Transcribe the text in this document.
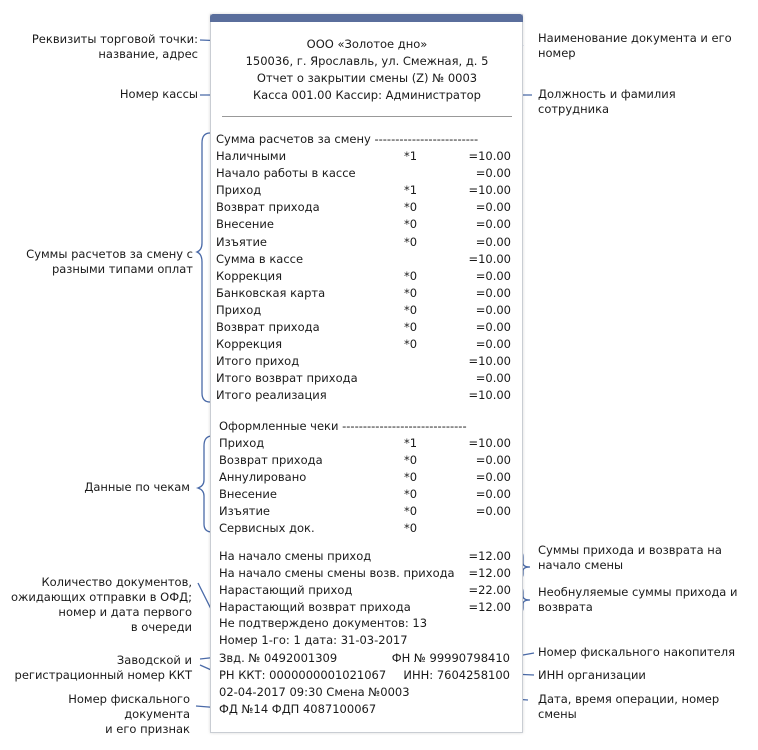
ООО «Золотое дно»
150036, г. Ярославль, ул. Смежная, д. 5
Отчет о закрытии смены (Z) № 0003
Касса 001.00 Кассир: Администратор
Сумма расчетов за смену -------------------------
Наличными	*1	=10.00
Начало работы в кассе	=0.00
Приход	*1	=10.00
Возврат прихода	*0	=0.00
Внесение	*0	=0.00
Изъятие	*0	=0.00
Сумма в кассе	=10.00
Коррекция	*0	=0.00
Банковская карта	*0	=0.00
Приход	*0	=0.00
Возврат прихода	*0	=0.00
Коррекция	*0	=0.00
Итого приход	=10.00
Итого возврат прихода	=0.00
Итого реализация	=10.00
Оформленные чеки ------------------------------
Приход	*1	=10.00
Возврат прихода	*0	=0.00
Аннулировано	*0	=0.00
Внесение	*0	=0.00
Изъятие	*0	=0.00
Сервисных док.	*0
На начало смены приход	=12.00
На начало смены смены возв. прихода	=12.00
Нарастающий приход	=22.00
Нарастающий возврат прихода	=12.00
Не подтверждено документов: 13
Номер 1-го: 1 дата: 31-03-2017
Звд. № 0492001309	ФН № 99990798410
РН ККТ: 0000000001021067	ИНН: 7604258100
02-04-2017 09:30 Смена №0003
ФД №14 ФДП 4087100067
Реквизиты торговой точки:
название, адрес
Номер кассы
Суммы расчетов за смену с
разными типами оплат
Данные по чекам
Количество документов,
ожидающих отправки в ОФД;
номер и дата первого
в очереди
Заводской и
регистрационный номер ККТ
Номер фискального документа
и его признак
Наименование документа и его
номер
Должность и фамилия
сотрудника
Суммы прихода и возврата на
начало смены
Необнуляемые суммы прихода и
возврата
Номер фискального накопителя
ИНН организации
Дата, время операции, номер
смены
